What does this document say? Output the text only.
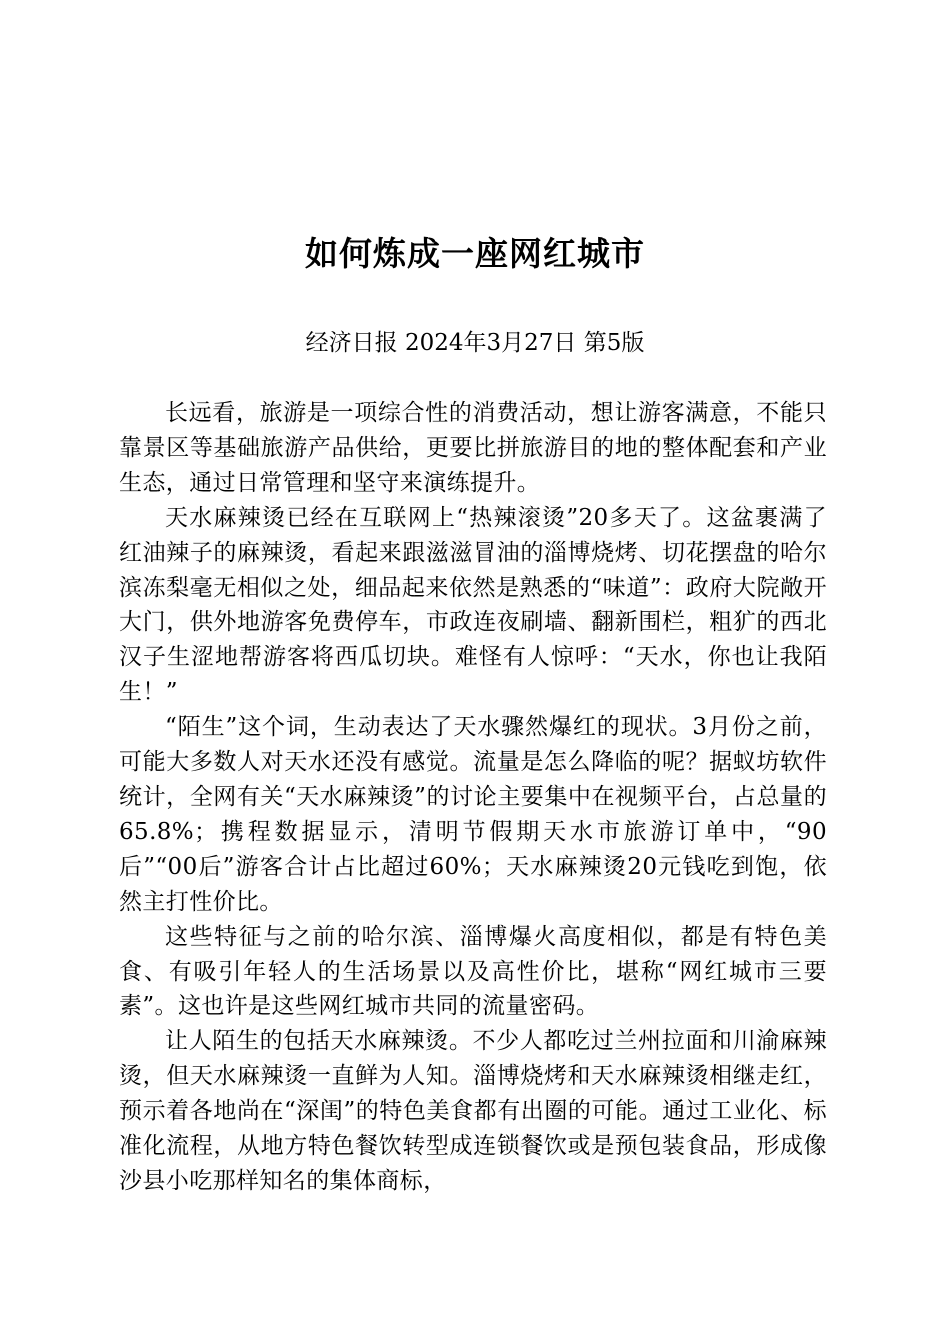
如何炼成一座网红城市

经济日报 2024年3月27日 第5版

长远看，旅游是一项综合性的消费活动，想让游客满意，不能只靠景区等基础旅游产品供给，更要比拼旅游目的地的整体配套和产业生态，通过日常管理和坚守来演练提升。

天水麻辣烫已经在互联网上“热辣滚烫”20多天了。这盆裹满了红油辣子的麻辣烫，看起来跟滋滋冒油的淄博烧烤、切花摆盘的哈尔滨冻梨毫无相似之处，细品起来依然是熟悉的“味道”：政府大院敞开大门，供外地游客免费停车，市政连夜刷墙、翻新围栏，粗犷的西北汉子生涩地帮游客将西瓜切块。难怪有人惊呼：“天水，你也让我陌生！”

“陌生”这个词，生动表达了天水骤然爆红的现状。3月份之前，可能大多数人对天水还没有感觉。流量是怎么降临的呢？据蚁坊软件统计，全网有关“天水麻辣烫”的讨论主要集中在视频平台，占总量的65.8%；携程数据显示，清明节假期天水市旅游订单中，“90后”“00后”游客合计占比超过60%；天水麻辣烫20元钱吃到饱，依然主打性价比。

这些特征与之前的哈尔滨、淄博爆火高度相似，都是有特色美食、有吸引年轻人的生活场景以及高性价比，堪称“网红城市三要素”。这也许是这些网红城市共同的流量密码。

让人陌生的包括天水麻辣烫。不少人都吃过兰州拉面和川渝麻辣烫，但天水麻辣烫一直鲜为人知。淄博烧烤和天水麻辣烫相继走红，预示着各地尚在“深闺”的特色美食都有出圈的可能。通过工业化、标准化流程，从地方特色餐饮转型成连锁餐饮或是预包装食品，形成像沙县小吃那样知名的集体商标，
